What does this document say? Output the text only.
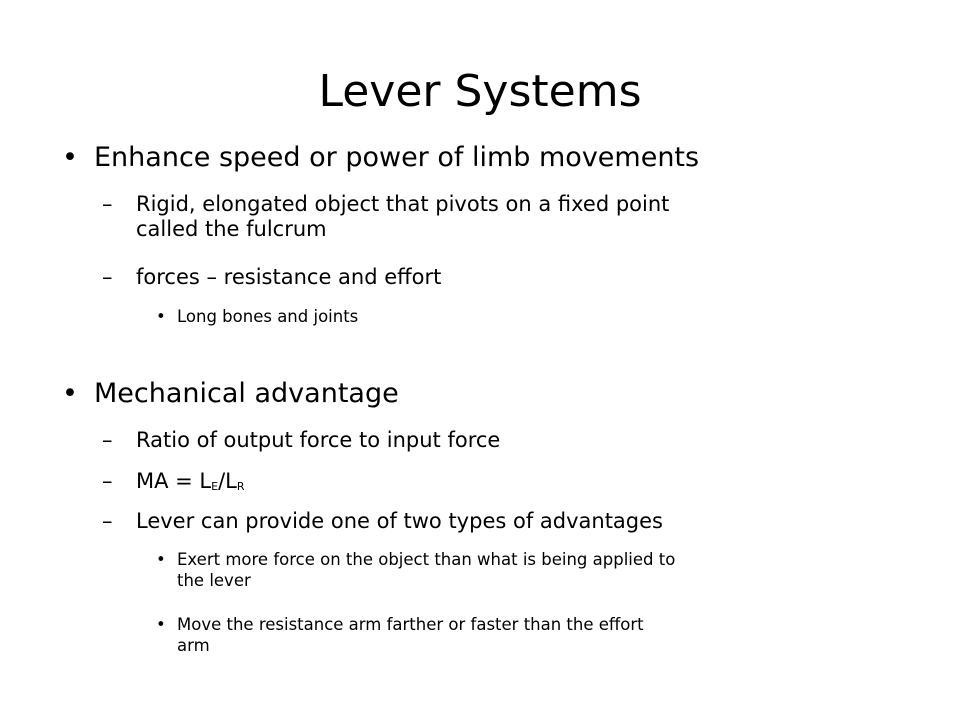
Lever Systems
• Enhance speed or power of limb movements
– Rigid, elongated object that pivots on a fixed point
called the fulcrum
– forces – resistance and effort
• Long bones and joints
• Mechanical advantage
– Ratio of output force to input force
– MA = $L_E/L_R$
– Lever can provide one of two types of advantages
• Exert more force on the object than what is being applied to
the lever
• Move the resistance arm farther or faster than the effort
arm
